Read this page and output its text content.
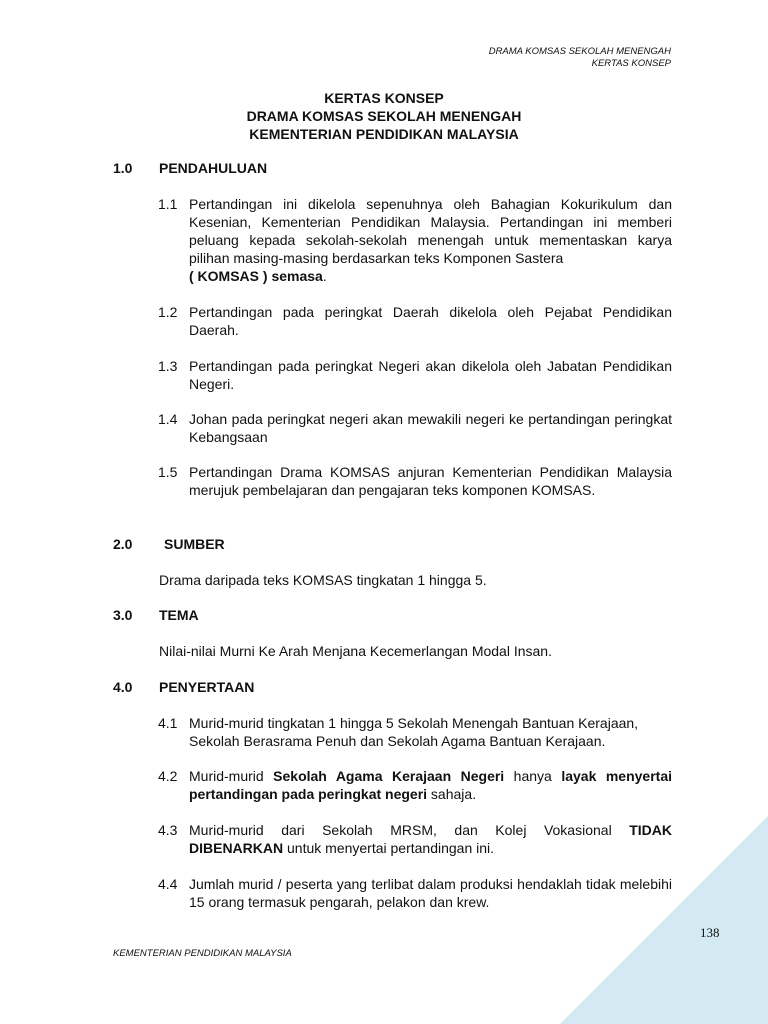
DRAMA KOMSAS SEKOLAH MENENGAH
KERTAS KONSEP
KERTAS KONSEP
DRAMA KOMSAS SEKOLAH MENENGAH
KEMENTERIAN PENDIDIKAN MALAYSIA
1.0 PENDAHULUAN
1.1 Pertandingan ini dikelola sepenuhnya oleh Bahagian Kokurikulum dan Kesenian, Kementerian Pendidikan Malaysia. Pertandingan ini memberi peluang kepada sekolah-sekolah menengah untuk mementaskan karya pilihan masing-masing berdasarkan teks Komponen Sastera
( KOMSAS ) semasa.
1.2 Pertandingan pada peringkat Daerah dikelola oleh Pejabat Pendidikan Daerah.
1.3 Pertandingan pada peringkat Negeri akan dikelola oleh Jabatan Pendidikan Negeri.
1.4 Johan pada peringkat negeri akan mewakili negeri ke pertandingan peringkat Kebangsaan
1.5 Pertandingan Drama KOMSAS anjuran Kementerian Pendidikan Malaysia merujuk pembelajaran dan pengajaran teks komponen KOMSAS.
2.0 SUMBER
Drama daripada teks KOMSAS tingkatan 1 hingga 5.
3.0 TEMA
Nilai-nilai Murni Ke Arah Menjana Kecemerlangan Modal Insan.
4.0 PENYERTAAN
4.1 Murid-murid tingkatan 1 hingga 5 Sekolah Menengah Bantuan Kerajaan, Sekolah Berasrama Penuh dan Sekolah Agama Bantuan Kerajaan.
4.2 Murid-murid Sekolah Agama Kerajaan Negeri hanya layak menyertai pertandingan pada peringkat negeri sahaja.
4.3 Murid-murid dari Sekolah MRSM, dan Kolej Vokasional TIDAK DIBENARKAN untuk menyertai pertandingan ini.
4.4 Jumlah murid / peserta yang terlibat dalam produksi hendaklah tidak melebihi 15 orang termasuk pengarah, pelakon dan krew.
138
KEMENTERIAN PENDIDIKAN MALAYSIA
